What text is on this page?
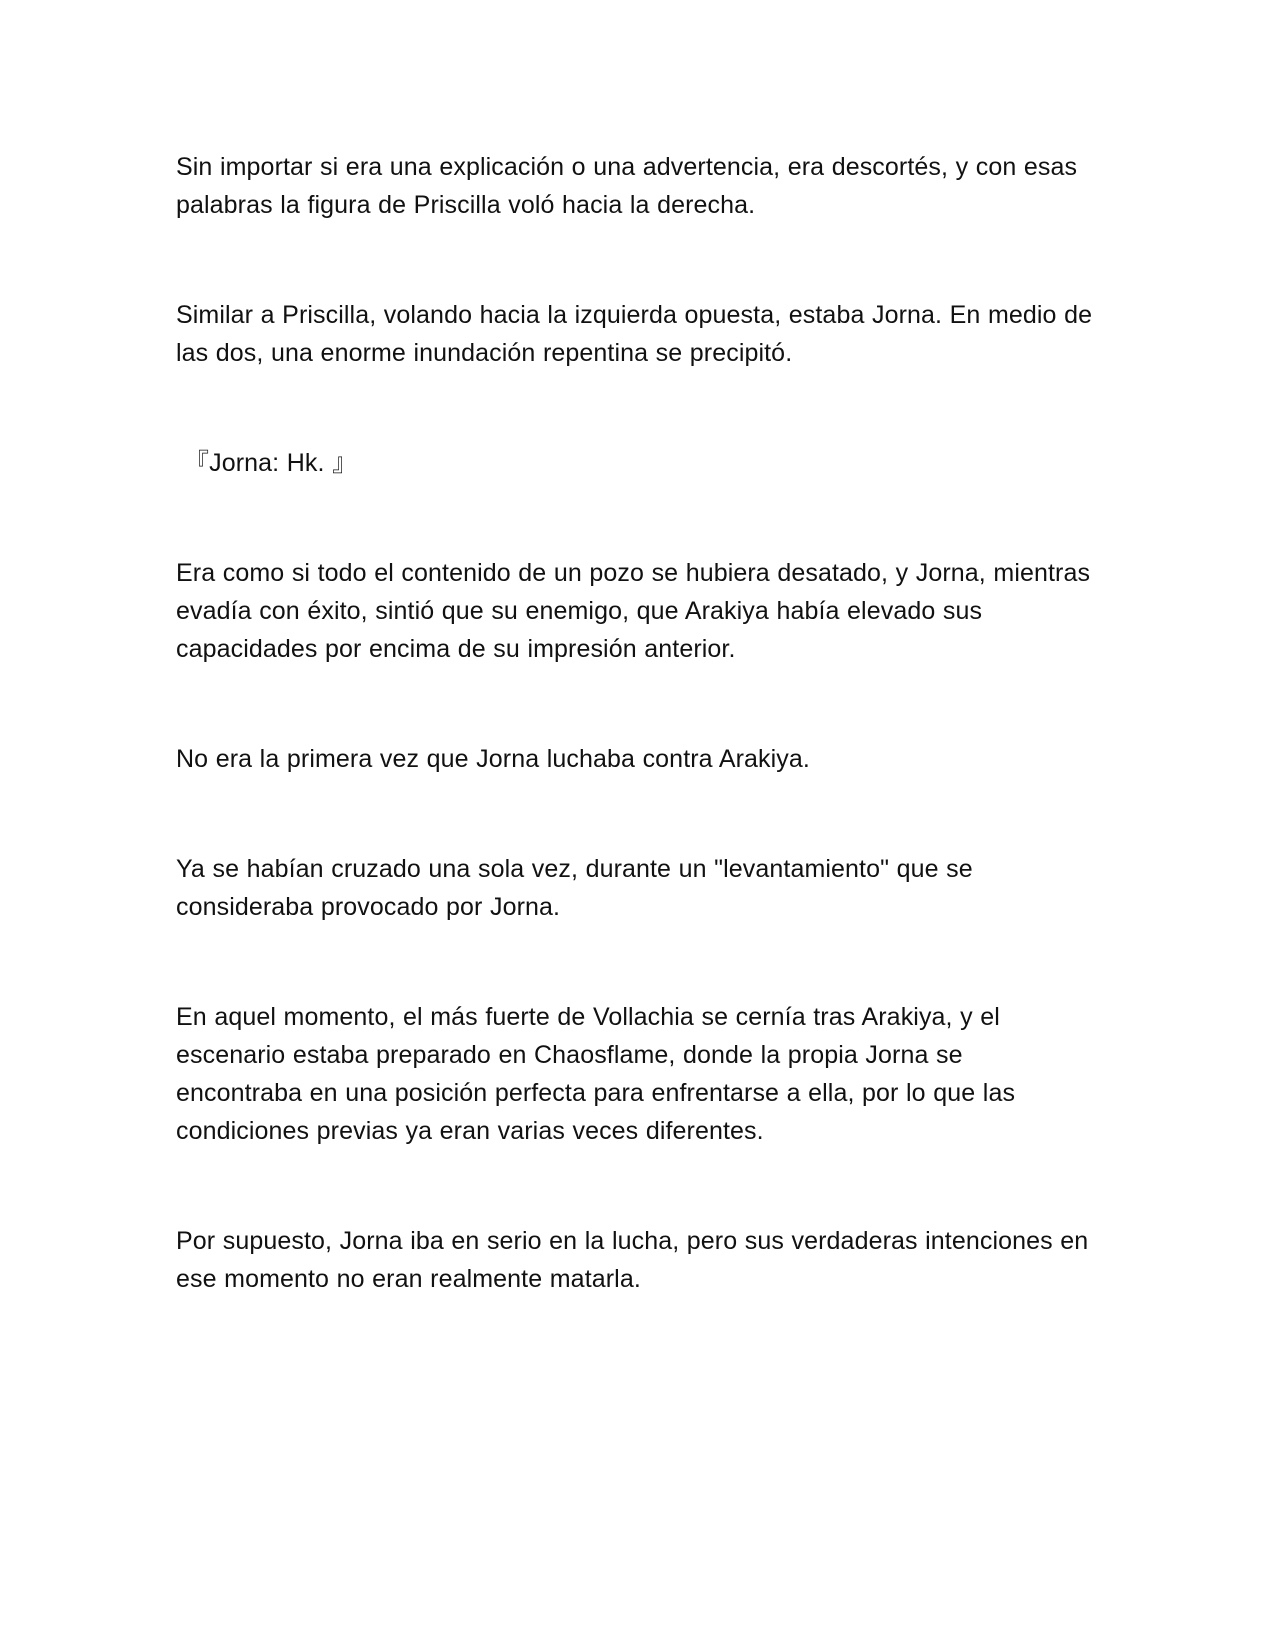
Sin importar si era una explicación o una advertencia, era descortés, y con esas palabras la figura de Priscilla voló hacia la derecha.

Similar a Priscilla, volando hacia la izquierda opuesta, estaba Jorna. En medio de las dos, una enorme inundación repentina se precipitó.

『Jorna: Hk. 』

Era como si todo el contenido de un pozo se hubiera desatado, y Jorna, mientras evadía con éxito, sintió que su enemigo, que Arakiya había elevado sus capacidades por encima de su impresión anterior.

No era la primera vez que Jorna luchaba contra Arakiya.

Ya se habían cruzado una sola vez, durante un "levantamiento" que se consideraba provocado por Jorna.

En aquel momento, el más fuerte de Vollachia se cernía tras Arakiya, y el escenario estaba preparado en Chaosflame, donde la propia Jorna se encontraba en una posición perfecta para enfrentarse a ella, por lo que las condiciones previas ya eran varias veces diferentes.

Por supuesto, Jorna iba en serio en la lucha, pero sus verdaderas intenciones en ese momento no eran realmente matarla.
